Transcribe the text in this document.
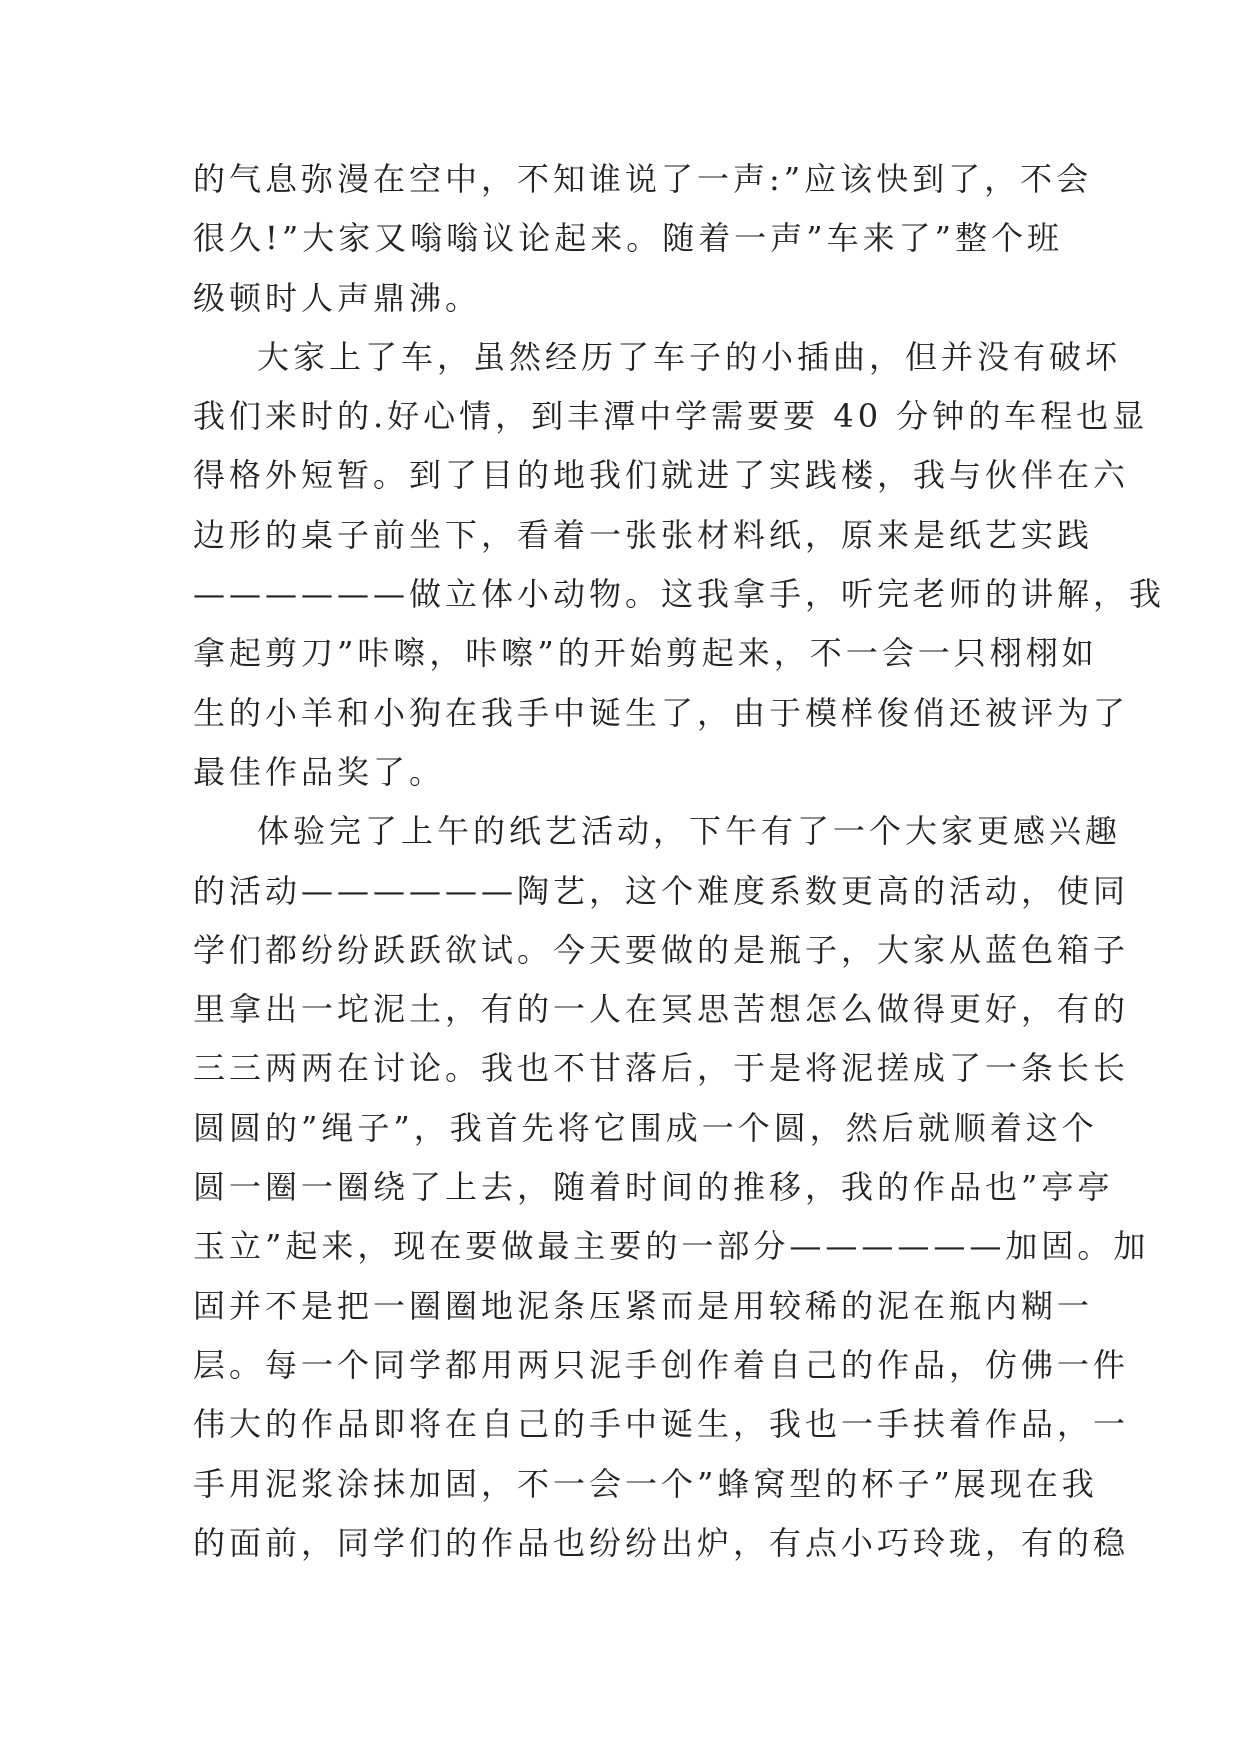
的气息弥漫在空中，不知谁说了一声:”应该快到了，不会
很久!”大家又嗡嗡议论起来。随着一声”车来了”整个班
级顿时人声鼎沸。
大家上了车，虽然经历了车子的小插曲，但并没有破坏
我们来时的.好心情，到丰潭中学需要要 40 分钟的车程也显
得格外短暂。到了目的地我们就进了实践楼，我与伙伴在六
边形的桌子前坐下，看着一张张材料纸，原来是纸艺实践
——————做立体小动物。这我拿手，听完老师的讲解，我
拿起剪刀”咔嚓，咔嚓”的开始剪起来，不一会一只栩栩如
生的小羊和小狗在我手中诞生了，由于模样俊俏还被评为了
最佳作品奖了。
体验完了上午的纸艺活动，下午有了一个大家更感兴趣
的活动——————陶艺，这个难度系数更高的活动，使同
学们都纷纷跃跃欲试。今天要做的是瓶子，大家从蓝色箱子
里拿出一坨泥土，有的一人在冥思苦想怎么做得更好，有的
三三两两在讨论。我也不甘落后，于是将泥搓成了一条长长
圆圆的”绳子”，我首先将它围成一个圆，然后就顺着这个
圆一圈一圈绕了上去，随着时间的推移，我的作品也”亭亭
玉立”起来，现在要做最主要的一部分——————加固。加
固并不是把一圈圈地泥条压紧而是用较稀的泥在瓶内糊一
层。每一个同学都用两只泥手创作着自己的作品，仿佛一件
伟大的作品即将在自己的手中诞生，我也一手扶着作品，一
手用泥浆涂抹加固，不一会一个”蜂窝型的杯子”展现在我
的面前，同学们的作品也纷纷出炉，有点小巧玲珑，有的稳
